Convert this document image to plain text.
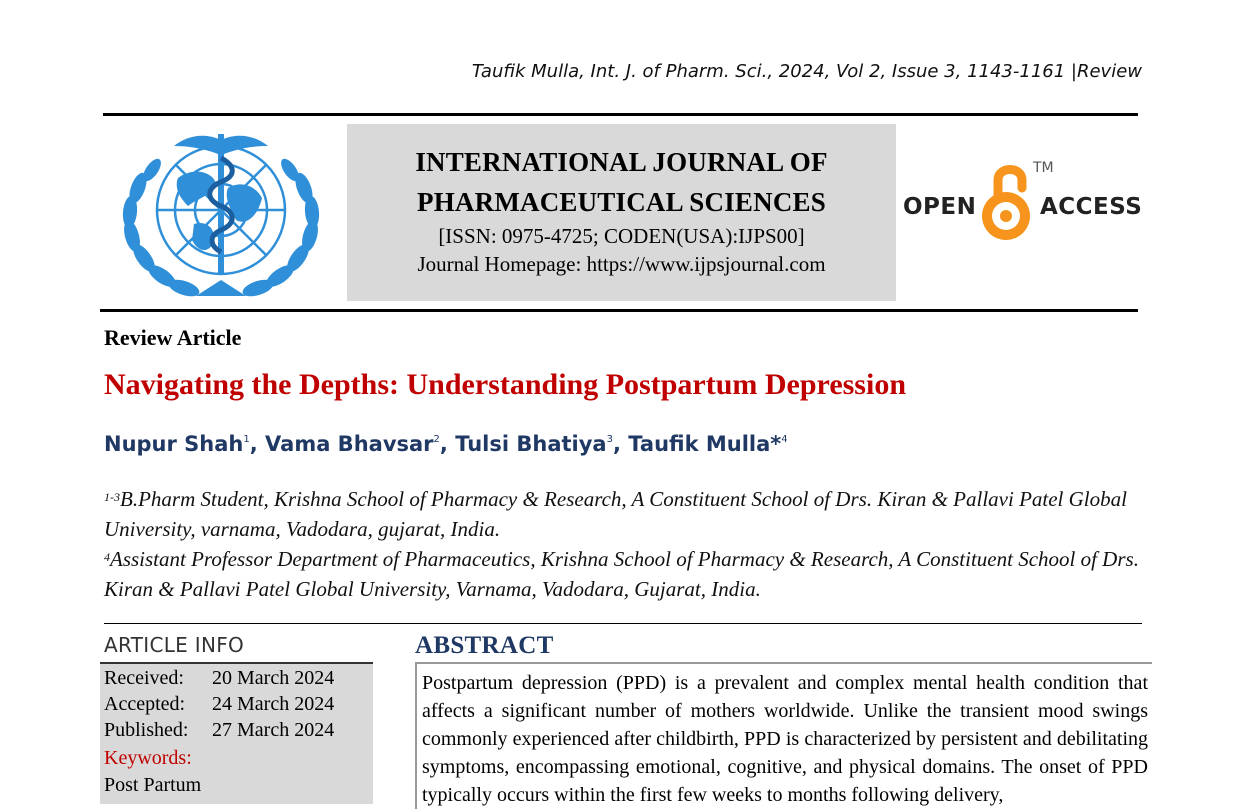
Taufik Mulla, Int. J. of Pharm. Sci., 2024, Vol 2, Issue 3, 1143-1161 |Review
INTERNATIONAL JOURNAL OF
PHARMACEUTICAL SCIENCES
[ISSN: 0975-4725; CODEN(USA):IJPS00]
Journal Homepage: https://www.ijpsjournal.com
OPEN
TM
ACCESS
Review Article
Navigating the Depths: Understanding Postpartum Depression
Nupur Shah$^1$, Vama Bhavsar$^2$, Tulsi Bhatiya$^3$, Taufik Mulla*$^4$
$^{1-3}$B.Pharm Student, Krishna School of Pharmacy & Research, A Constituent School of Drs. Kiran & Pallavi Patel Global University, varnama, Vadodara, gujarat, India.
$^4$Assistant Professor Department of Pharmaceutics, Krishna School of Pharmacy & Research, A Constituent School of Drs. Kiran & Pallavi Patel Global University, Varnama, Vadodara, Gujarat, India.
ARTICLE INFO
Received: 20 March 2024
Accepted: 24 March 2024
Published: 27 March 2024
Keywords:
Post Partum
ABSTRACT
Postpartum depression (PPD) is a prevalent and complex mental health condition that affects a significant number of mothers worldwide. Unlike the transient mood swings commonly experienced after childbirth, PPD is characterized by persistent and debilitating symptoms, encompassing emotional, cognitive, and physical domains. The onset of PPD typically occurs within the first few weeks to months following delivery,
